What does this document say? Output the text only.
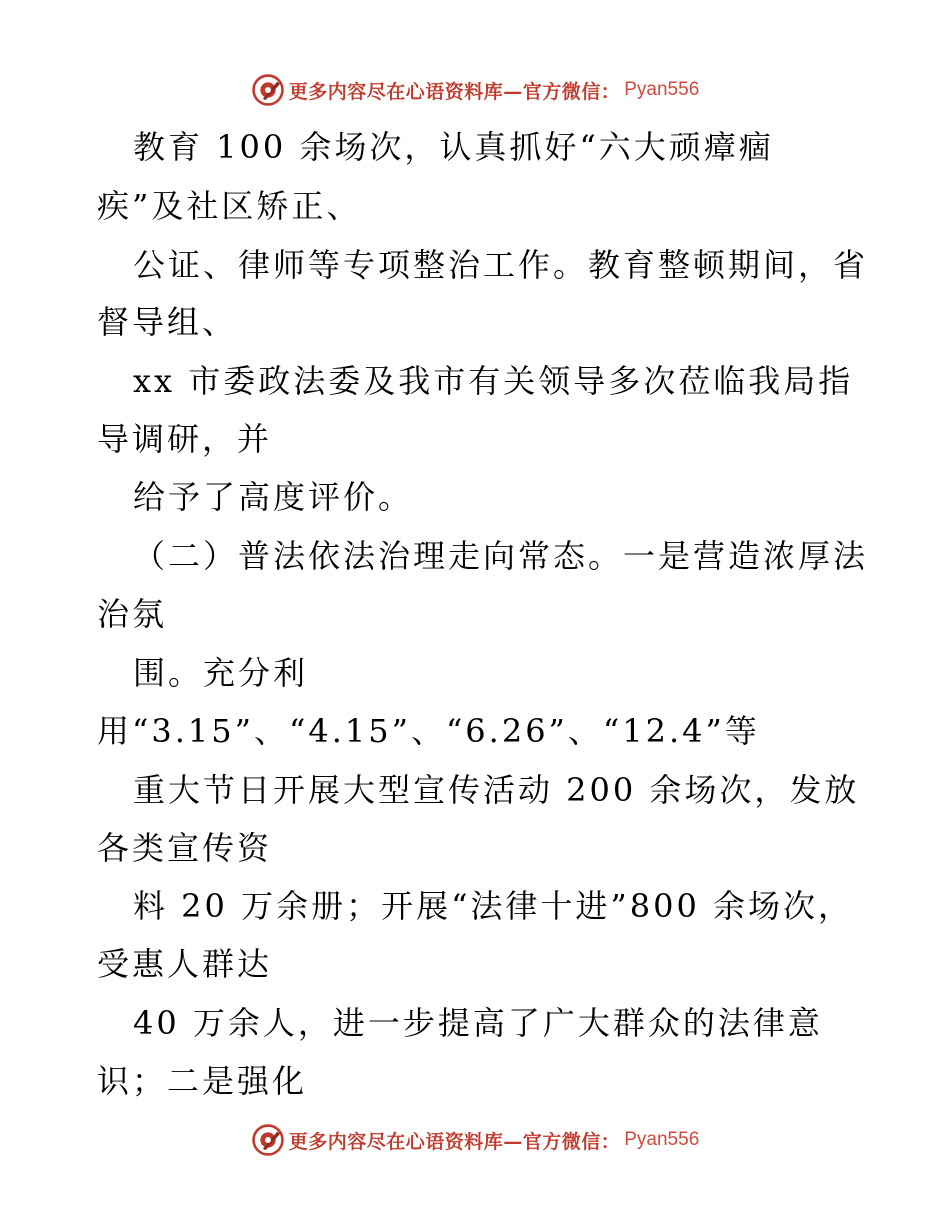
更多内容尽在心语资料库—官方微信： Pyan556
教育 100 余场次，认真抓好“六大顽瘴痼
疾”及社区矫正、
公证、律师等专项整治工作。教育整顿期间，省
督导组、
xx 市委政法委及我市有关领导多次莅临我局指
导调研，并
给予了高度评价。
（二）普法依法治理走向常态。一是营造浓厚法
治氛
围。充分利
用“3.15”、“4.15”、“6.26”、“12.4”等
重大节日开展大型宣传活动 200 余场次，发放
各类宣传资
料 20 万余册；开展“法律十进”800 余场次，
受惠人群达
40 万余人，进一步提高了广大群众的法律意
识；二是强化
更多内容尽在心语资料库—官方微信： Pyan556
